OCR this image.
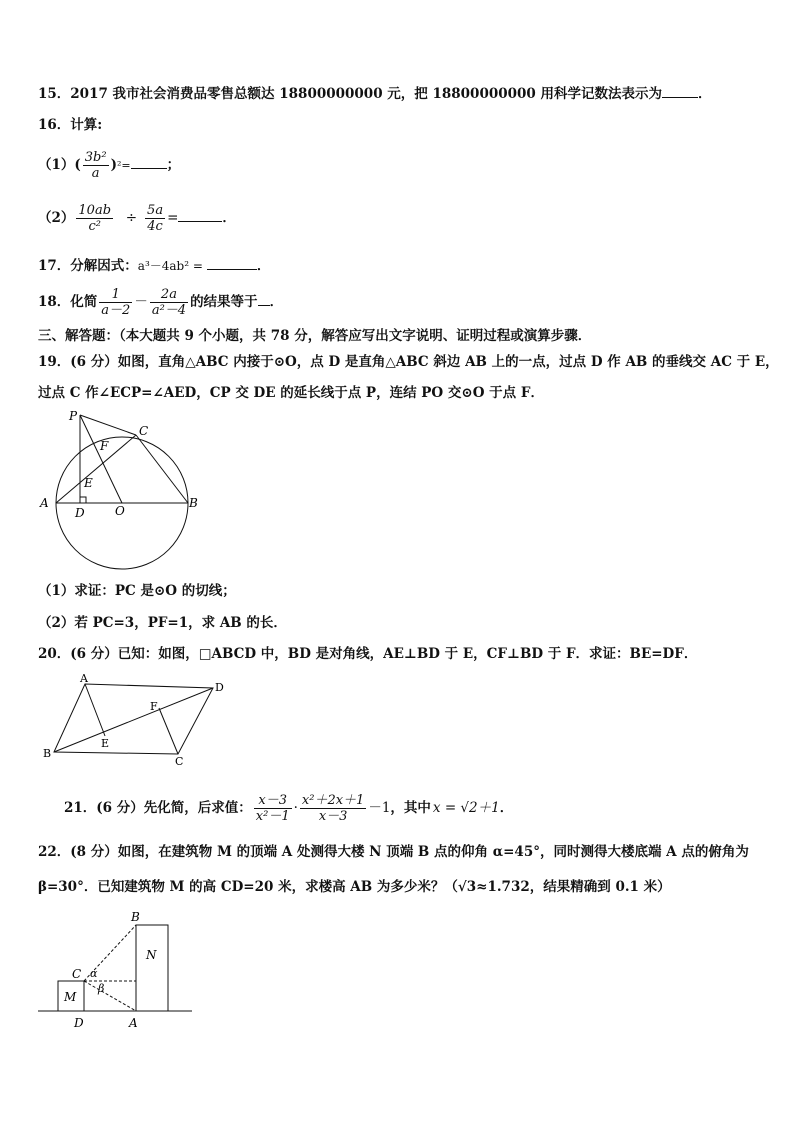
15．2017 我市社会消费品零售总额达 18800000000 元，把 18800000000 用科学记数法表示为	．
16．计算:
$(1)( \frac{\text{3b²}}{a} )^2=$	；
$(2) \frac{10ab}{\text{c²}} \div \frac{5a}{4c}$ =	．
17．分解因式：a³－4ab² =	．
18．化简 $\frac{1}{a-2} - \frac{2a}{\text{a²－4}}$ 的结果等于 ．
三、解答题：（本大题共 9 个小题，共 78 分，解答应写出文字说明、证明过程或演算步骤．
19．(6 分）如图，直角△ABC 内接于⊙O，点 D 是直角△ABC 斜边 AB 上的一点，过点 D 作 AB 的垂线交 AC 于 E，
过点 C 作∠ECP=∠AED，CP 交 DE 的延长线于点 P，连结 PO 交⊙O 于点 F．
P
C
F
E
A
D	O
B
（1）求证：PC 是⊙O 的切线；
（2）若 PC=3，PF=1，求 AB 的长．
20．(6 分）已知：如图，□ABCD 中，BD 是对角线，AE⊥BD 于 E，CF⊥BD 于 F．求证：BE=DF．
A
D
F
E
B
C
21．(6 分）先化简，后求值： $\frac{x-3}{\text{x²－1}} \cdot \frac{\text{x²＋2x＋1}}{x-3} -1$，其中 x = √2＋1．
22．(8 分）如图，在建筑物 M 的顶端 A 处测得大楼 N 顶端 B 点的仰角 α=45°，同时测得大楼底端 A 点的俯角为
β=30°．已知建筑物 M 的高 CD=20 米，求楼高 AB 为多少米？（√3≈1.732，结果精确到 0.1 米）
B
N
C α
M
β
D	A
